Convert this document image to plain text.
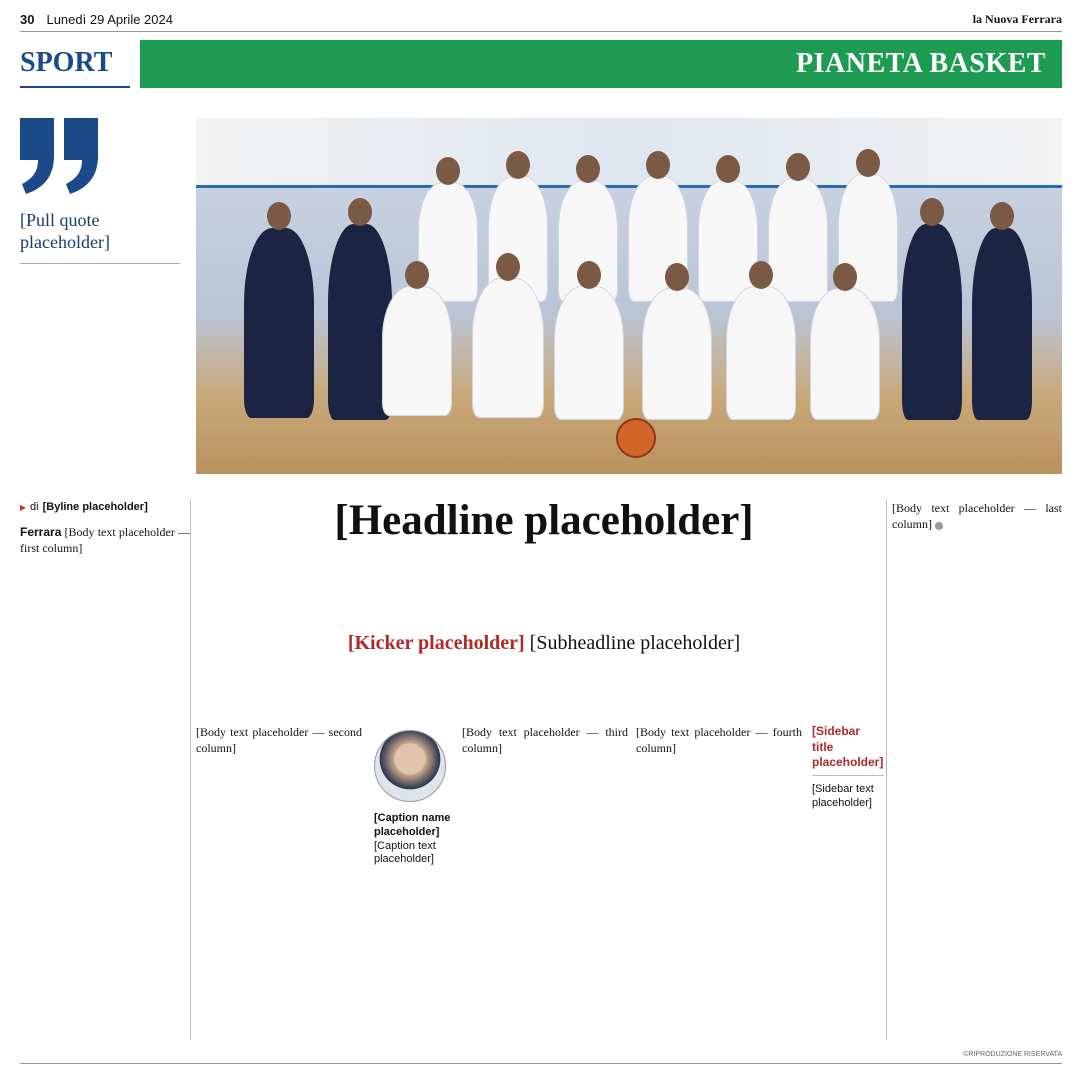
30 Lunedì 29 Aprile 2024	la Nuova Ferrara
SPORT	PIANETA BASKET
[Pull quote placeholder]
▸ di [Byline placeholder]	[Headline placeholder]
[Kicker placeholder] [Subheadline placeholder]

Ferrara [Body text placeholder — first column]

[Body text placeholder — second column]

[Caption name placeholder]
[Caption text placeholder]

[Body text placeholder — third column]

[Body text placeholder — fourth column]

[Sidebar title placeholder]
[Sidebar text placeholder]

[Body text placeholder — last column]

©RIPRODUZIONE RISERVATA
